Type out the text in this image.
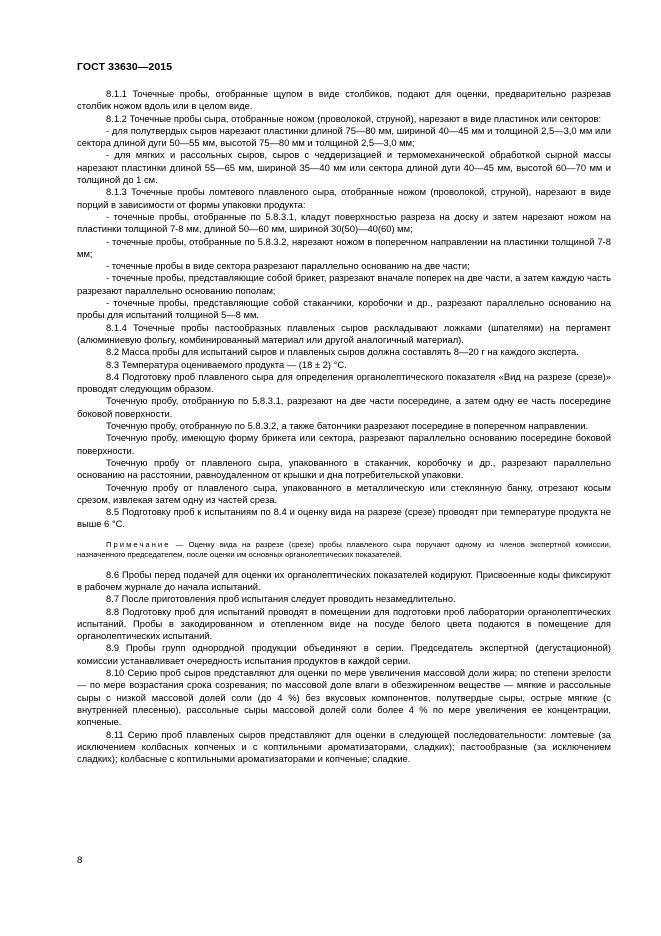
ГОСТ 33630—2015

8.1.1 Точечные пробы, отобранные щупом в виде столбиков, подают для оценки, предварительно разрезав столбик ножом вдоль или в целом виде.

8.1.2 Точечные пробы сыра, отобранные ножом (проволокой, струной), нарезают в виде пластинок или секторов:

- для полутвердых сыров нарезают пластинки длиной 75—80 мм, шириной 40—45 мм и толщиной 2,5—3,0 мм или сектора длиной дуги 50—55 мм, высотой 75—80 мм и толщиной 2,5—3,0 мм;

- для мягких и рассольных сыров, сыров с чеддеризацией и термомеханической обработкой сырной массы нарезают пластинки длиной 55—65 мм, шириной 35—40 мм или сектора длиной дуги 40—45 мм, высотой 60—70 мм и толщиной до 1 см.

8.1.3 Точечные пробы ломтевого плавленого сыра, отобранные ножом (проволокой, струной), нарезают в виде порций в зависимости от формы упаковки продукта:

- точечные пробы, отобранные по 5.8.3.1, кладут поверхностью разреза на доску и затем нарезают ножом на пластинки толщиной 7-8 мм, длиной 50—60 мм, шириной 30(50)—40(60) мм;

- точечные пробы, отобранные по 5.8.3.2, нарезают ножом в поперечном направлении на пластинки толщиной 7-8 мм;

- точечные пробы в виде сектора разрезают параллельно основанию на две части;

- точечные пробы, представляющие собой брикет, разрезают вначале поперек на две части, а затем каждую часть разрезают параллельно основанию пополам;

- точечные пробы, представляющие собой стаканчики, коробочки и др., разрезают параллельно основанию на пробы для испытаний толщиной 5—8 мм.

8.1.4 Точечные пробы пастообразных плавленых сыров раскладывают ложками (шпателями) на пергамент (алюминиевую фольгу, комбинированный материал или другой аналогичный материал).

8.2 Масса пробы для испытаний сыров и плавленых сыров должна составлять 8—20 г на каждого эксперта.

8.3 Температура оцениваемого продукта — (18 ± 2) °С.

8.4 Подготовку проб плавленого сыра для определения органолептического показателя «Вид на разрезе (срезе)» проводят следующим образом.

Точечную пробу, отобранную по 5.8.3.1, разрезают на две части посередине, а затем одну ее часть посередине боковой поверхности.

Точечную пробу, отобранную по 5.8.3.2, а также батончики разрезают посередине в поперечном направлении.

Точечную пробу, имеющую форму брикета или сектора, разрезают параллельно основанию посередине боковой поверхности.

Точечную пробу от плавленого сыра, упакованного в стаканчик, коробочку и др., разрезают параллельно основанию на расстоянии, равноудаленном от крышки и дна потребительской упаковки.

Точечную пробу от плавленого сыра, упакованного в металлическую или стеклянную банку, отрезают косым срезом, извлекая затем одну из частей среза.

8.5 Подготовку проб к испытаниям по 8.4 и оценку вида на разрезе (срезе) проводят при температуре продукта не выше 6 °С.

Примечание — Оценку вида на разрезе (срезе) пробы плавленого сыра поручают одному из членов экспертной комиссии, назначенного председателем, после оценки им основных органолептических показателей.

8.6 Пробы перед подачей для оценки их органолептических показателей кодируют. Присвоенные коды фиксируют в рабочем журнале до начала испытаний.

8.7 После приготовления проб испытания следует проводить незамедлительно.

8.8 Подготовку проб для испытаний проводят в помещении для подготовки проб лаборатории органолептических испытаний. Пробы в закодированном и отепленном виде на посуде белого цвета подаются в помещение для органолептических испытаний.

8.9 Пробы групп однородной продукции объединяют в серии. Председатель экспертной (дегустационной) комиссии устанавливает очередность испытания продуктов в каждой серии.

8.10 Серию проб сыров представляют для оценки по мере увеличения массовой доли жира; по степени зрелости — по мере возрастания срока созревания; по массовой доле влаги в обезжиренном веществе — мягкие и рассольные сыры с низкой массовой долей соли (до 4 %) без вкусовых компонентов, полутвердые сыры, острые мягкие (с внутренней плесенью), рассольные сыры массовой долей соли более 4 % по мере увеличения ее концентрации, копченые.

8.11 Серию проб плавленых сыров представляют для оценки в следующей последовательности: ломтевые (за исключением колбасных копченых и с коптильными ароматизаторами, сладких); пастообразные (за исключением сладких); колбасные с коптильными ароматизаторами и копченые; сладкие.

8
